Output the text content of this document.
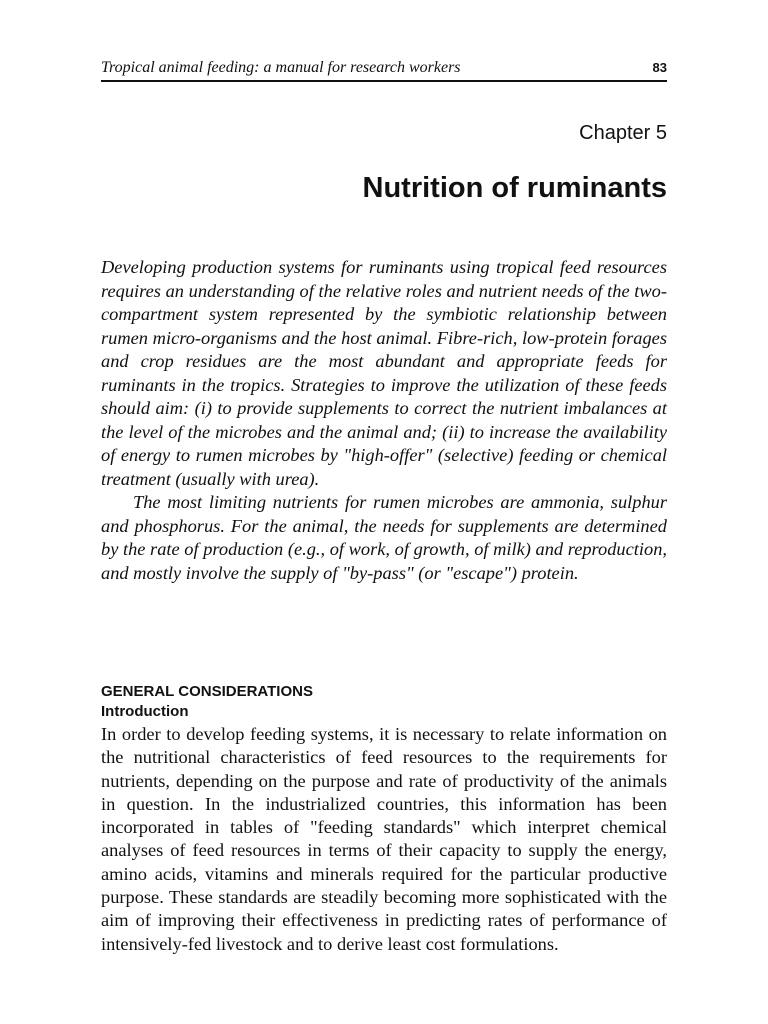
Tropical animal feeding: a manual for research workers	83
Chapter 5
Nutrition of ruminants

Developing production systems for ruminants using tropical feed resources requires an understanding of the relative roles and nutrient needs of the two-compartment system represented by the symbiotic relationship between rumen micro-organisms and the host animal. Fibre-rich, low-protein forages and crop residues are the most abundant and appropriate feeds for ruminants in the tropics. Strategies to improve the utilization of these feeds should aim: (i) to provide supplements to correct the nutrient imbalances at the level of the microbes and the animal and; (ii) to increase the availability of energy to rumen microbes by "high-offer" (selective) feeding or chemical treatment (usually with urea).

The most limiting nutrients for rumen microbes are ammonia, sulphur and phosphorus. For the animal, the needs for supplements are determined by the rate of production (e.g., of work, of growth, of milk) and reproduction, and mostly involve the supply of "by-pass" (or "escape") protein.

GENERAL CONSIDERATIONS
Introduction

In order to develop feeding systems, it is necessary to relate information on the nutritional characteristics of feed resources to the requirements for nutrients, depending on the purpose and rate of productivity of the animals in question. In the industrialized countries, this information has been incorporated in tables of "feeding standards" which interpret chemical analyses of feed resources in terms of their capacity to supply the energy, amino acids, vitamins and minerals required for the particular productive purpose. These standards are steadily becoming more sophisticated with the aim of improving their effectiveness in predicting rates of performance of intensively-fed livestock and to derive least cost formulations.
